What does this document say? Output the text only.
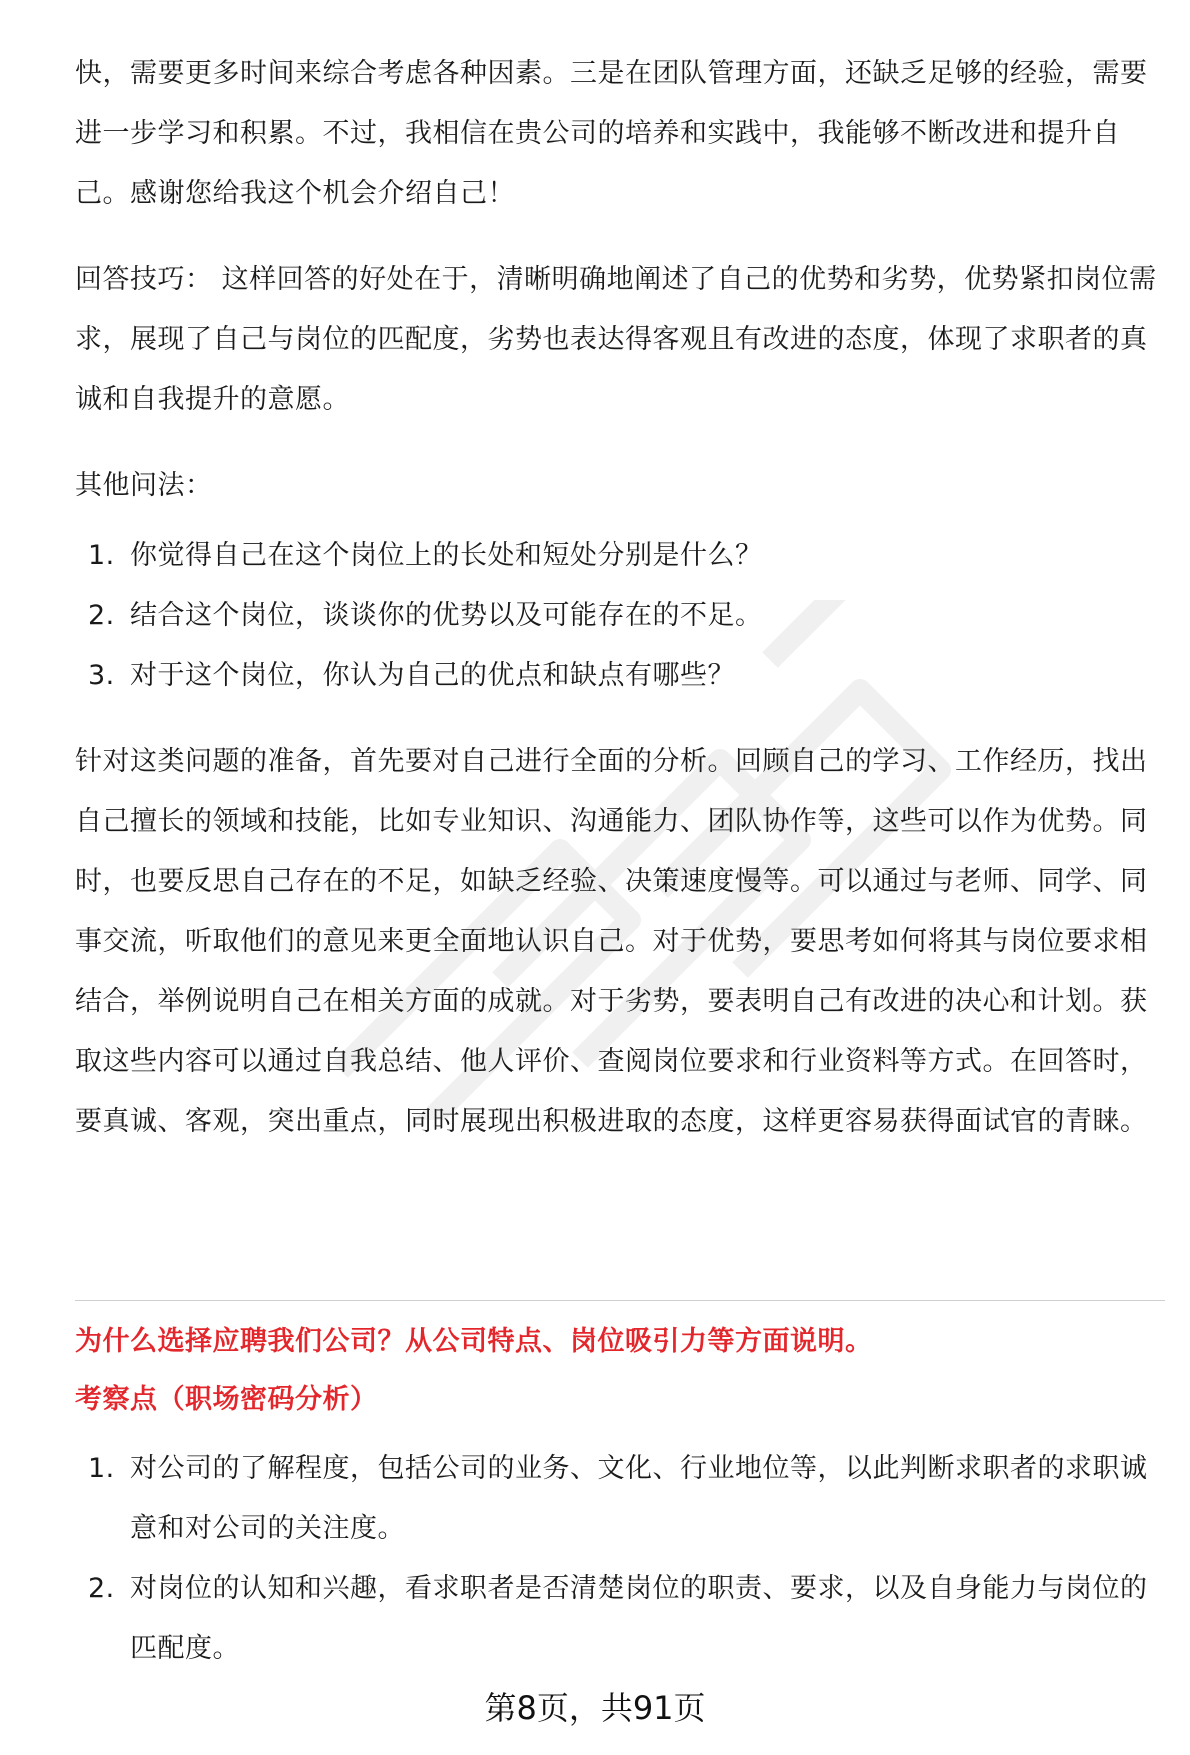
快，需要更多时间来综合考虑各种因素。三是在团队管理方面，还缺乏足够的经验，需要进一步学习和积累。不过，我相信在贵公司的培养和实践中，我能够不断改进和提升自己。感谢您给我这个机会介绍自己！

回答技巧： 这样回答的好处在于，清晰明确地阐述了自己的优势和劣势，优势紧扣岗位需求，展现了自己与岗位的匹配度，劣势也表达得客观且有改进的态度，体现了求职者的真诚和自我提升的意愿。

其他问法：

1. 你觉得自己在这个岗位上的长处和短处分别是什么？
2. 结合这个岗位，谈谈你的优势以及可能存在的不足。
3. 对于这个岗位，你认为自己的优点和缺点有哪些？

针对这类问题的准备，首先要对自己进行全面的分析。回顾自己的学习、工作经历，找出自己擅长的领域和技能，比如专业知识、沟通能力、团队协作等，这些可以作为优势。同时，也要反思自己存在的不足，如缺乏经验、决策速度慢等。可以通过与老师、同学、同事交流，听取他们的意见来更全面地认识自己。对于优势，要思考如何将其与岗位要求相结合，举例说明自己在相关方面的成就。对于劣势，要表明自己有改进的决心和计划。获取这些内容可以通过自我总结、他人评价、查阅岗位要求和行业资料等方式。在回答时，要真诚、客观，突出重点，同时展现出积极进取的态度，这样更容易获得面试官的青睐。

为什么选择应聘我们公司？从公司特点、岗位吸引力等方面说明。

考察点（职场密码分析）

1. 对公司的了解程度，包括公司的业务、文化、行业地位等，以此判断求职者的求职诚意和对公司的关注度。
2. 对岗位的认知和兴趣，看求职者是否清楚岗位的职责、要求，以及自身能力与岗位的匹配度。
第8页，共91页
